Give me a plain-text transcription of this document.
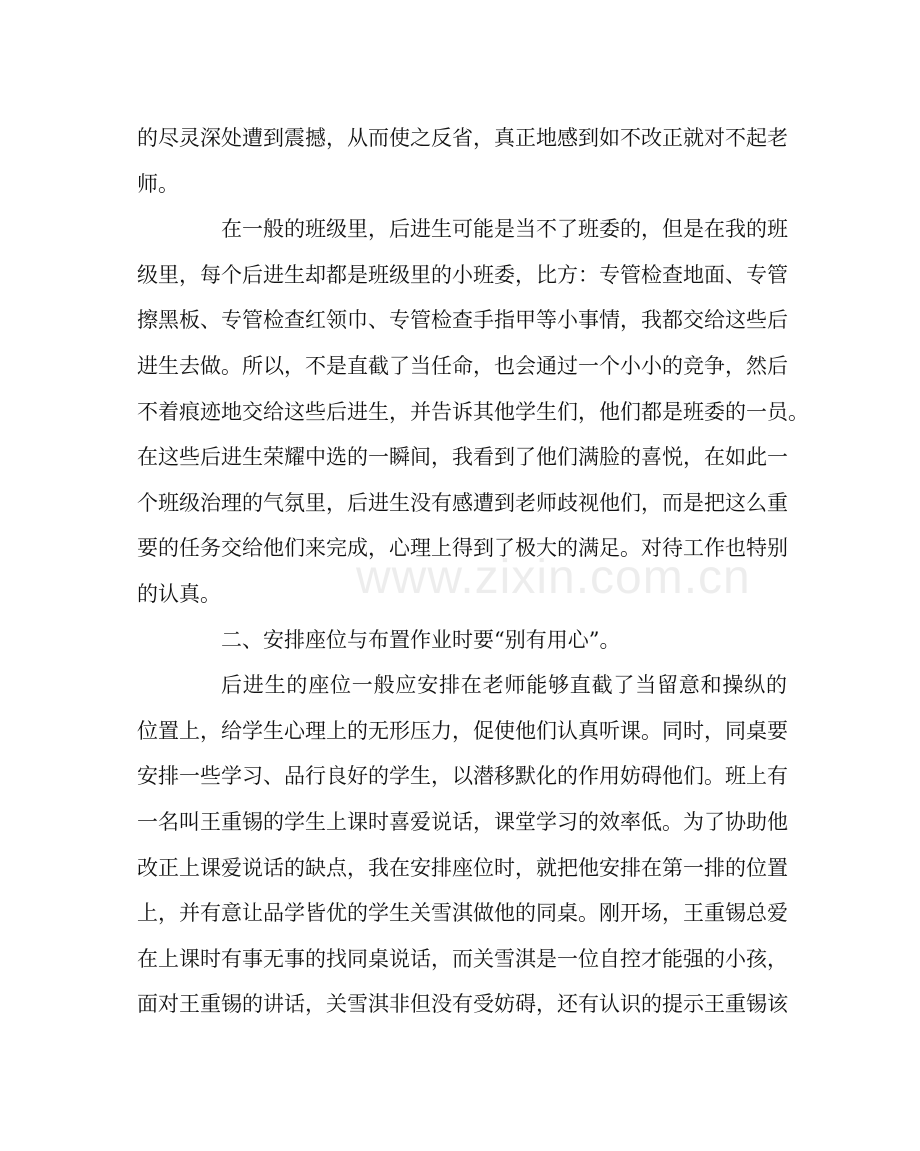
的尽灵深处遭到震撼，从而使之反省，真正地感到如不改正就对不起老
师。
在一般的班级里，后进生可能是当不了班委的，但是在我的班
级里，每个后进生却都是班级里的小班委，比方：专管检查地面、专管
擦黑板、专管检查红领巾、专管检查手指甲等小事情，我都交给这些后
进生去做。所以，不是直截了当任命，也会通过一个小小的竞争，然后
不着痕迹地交给这些后进生，并告诉其他学生们，他们都是班委的一员。
在这些后进生荣耀中选的一瞬间，我看到了他们满脸的喜悦，在如此一
个班级治理的气氛里，后进生没有感遭到老师歧视他们，而是把这么重
要的任务交给他们来完成，心理上得到了极大的满足。对待工作也特别
的认真。
二、安排座位与布置作业时要“别有用心”。
后进生的座位一般应安排在老师能够直截了当留意和操纵的
位置上，给学生心理上的无形压力，促使他们认真听课。同时，同桌要
安排一些学习、品行良好的学生，以潜移默化的作用妨碍他们。班上有
一名叫王重锡的学生上课时喜爱说话，课堂学习的效率低。为了协助他
改正上课爱说话的缺点，我在安排座位时，就把他安排在第一排的位置
上，并有意让品学皆优的学生关雪淇做他的同桌。刚开场，王重锡总爱
在上课时有事无事的找同桌说话，而关雪淇是一位自控才能强的小孩，
面对王重锡的讲话，关雪淇非但没有受妨碍，还有认识的提示王重锡该
www.zixin.com.cn
